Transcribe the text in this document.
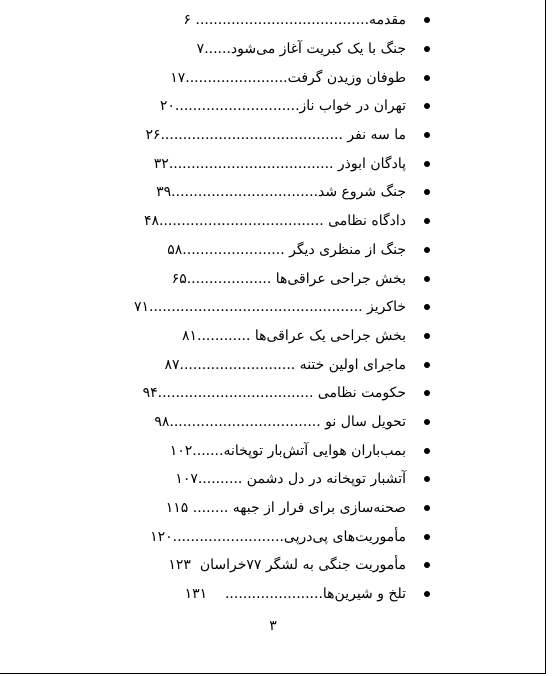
مقدمه.......................................

۶
جنگ با یک کبریت آغاز می‌شود......
۷
طوفان وزیدن گرفت.......................
۱۷
تهران در خواب ناز............................
۲۰
ما سه نفر .........................................
۲۶
پادگان ابوذر .....................................
۳۲
جنگ شروع شد.................................
۳۹
دادگاه نظامی .....................................
۴۸
جنگ از منظری دیگر .......................
۵۸
بخش جراحی عراقی‌ها ...................
۶۵
خاکریز ................................................
۷۱
بخش جراحی یک عراقی‌ها ............
۸۱
ماجرای اولین ختنه ..........................
۸۷
حکومت نظامی ...................................
۹۴
تحویل سال نو ..................................
۹۸
بمب‌باران هوایی آتش‌بار توپخانه.......
۱۰۲
آتشبار توپخانه در دل دشمن ..........
۱۰۷
صحنه‌سازی برای فرار از جبهه ........

۱۱۵
مأموریت‌های پی‌درپی.........................
۱۲۰
مأموریت جنگی به لشگر ۷۷خراسان

۱۲۳
تلخ و شیرین‌ها......................

۱۳۱
۳
